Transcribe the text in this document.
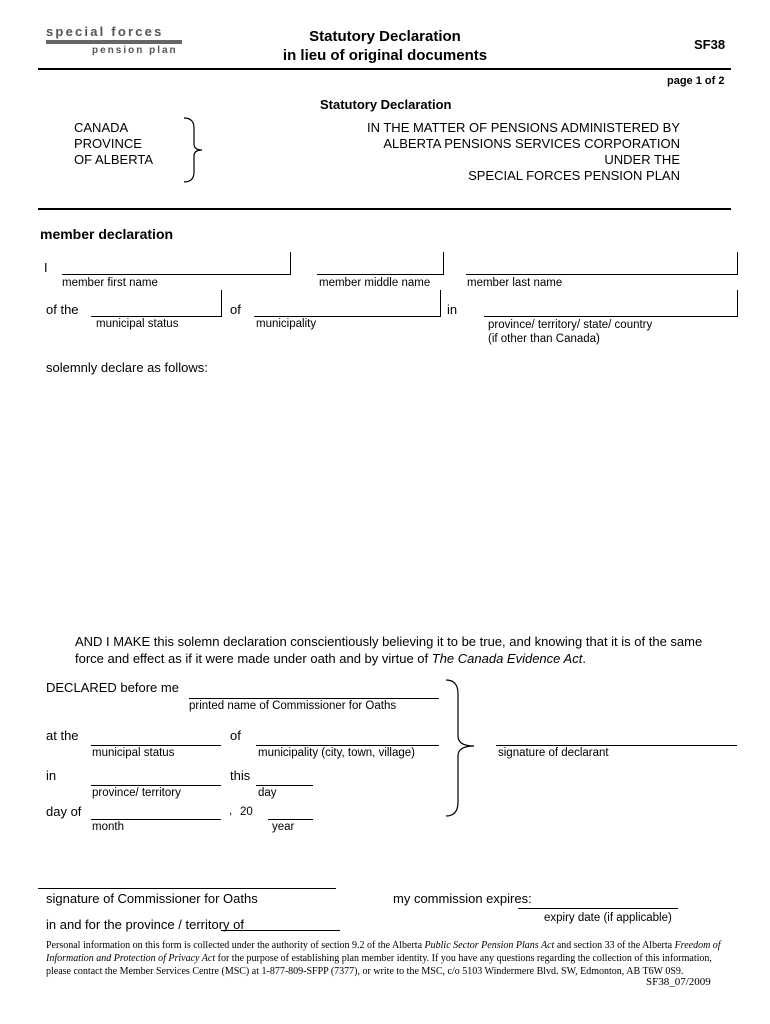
special forces
pension plan
Statutory Declaration
in lieu of original documents
SF38
page 1 of 2
Statutory Declaration
CANADA
PROVINCE
OF ALBERTA
IN THE MATTER OF PENSIONS ADMINISTERED BY
ALBERTA PENSIONS SERVICES CORPORATION
UNDER THE
SPECIAL FORCES PENSION PLAN
member declaration
I
member first name	member middle name	member last name
of the	of	in
municipal status	municipality	province/ territory/ state/ country
(if other than Canada)
solemnly declare as follows:
AND I MAKE this solemn declaration conscientiously believing it to be true, and knowing that it is of the same
force and effect as if it were made under oath and by virtue of The Canada Evidence Act.
DECLARED before me
printed name of Commissioner for Oaths
at the	of
municipal status	municipality (city, town, village)	signature of declarant
in	this
province/ territory	day
day of	, 20
month	year
signature of Commissioner for Oaths	my commission expires:
expiry date (if applicable)
in and for the province / territory of
Personal information on this form is collected under the authority of section 9.2 of the Alberta Public Sector Pension Plans Act and section 33 of the Alberta Freedom of Information and Protection of Privacy Act for the purpose of establishing plan member identity. If you have any questions regarding the collection of this information, please contact the Member Services Centre (MSC) at 1-877-809-SFPP (7377), or write to the MSC, c/o 5103 Windermere Blvd. SW, Edmonton, AB T6W 0S9.
SF38_07/2009
